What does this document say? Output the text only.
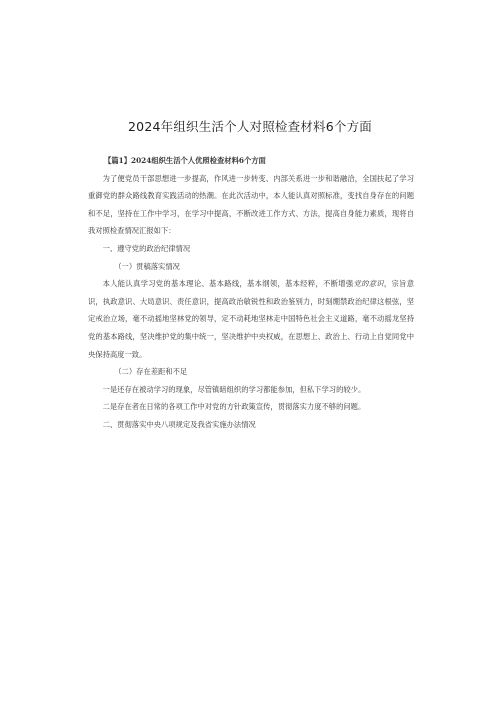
2024年组织生活个人对照检查材料6个方面

【篇1】2024组织生活个人优照检查材料6个方面

为了便党员干部思想进一步提高，作风进一步转变、内部关系进一步和谐融洽，全国扶起了学习重御党的群众路线教育实践活动的热潮。在此次活动中，本人能认真对照标准，变找自身存在的问题和不足，坚持在工作中学习，在学习中提高，不断改进工作方式、方法，提高自身能力素质，现将自我对照检查情况汇报如下：

一、遵守党的政治纪律情况

（一）贯稿落实情况

本人能认真学习党的基本理论、基本路线，基本纲领，基本经粹，不断增强党的意识，宗旨意识，执政意识、大局意识、责任意识，提高政治敏锐性和政治鉴别力，时刻绷禁政治纪律这根弦，坚定戒治立场，毫不动摇地坚林党的领导，定不动耗地坚林走中国特色社会主义道路，毫不动摇龙坚持党的基本路线，坚决维护党的集中统一，坚决维护中央权威，在思想上、政治上、行动上自觉同党中央保持高度一致。

（二）存在差距和不足

一是还存在被动学习的现象，尽管镇暗组织的学习都能参加，但私下学习的较少。

二是存在者在日常的各项工作中对党的方针政策宣传，贯彻落实力度不够的问题。

二、贯彻落实中央八项规定及我省实施办法情况
